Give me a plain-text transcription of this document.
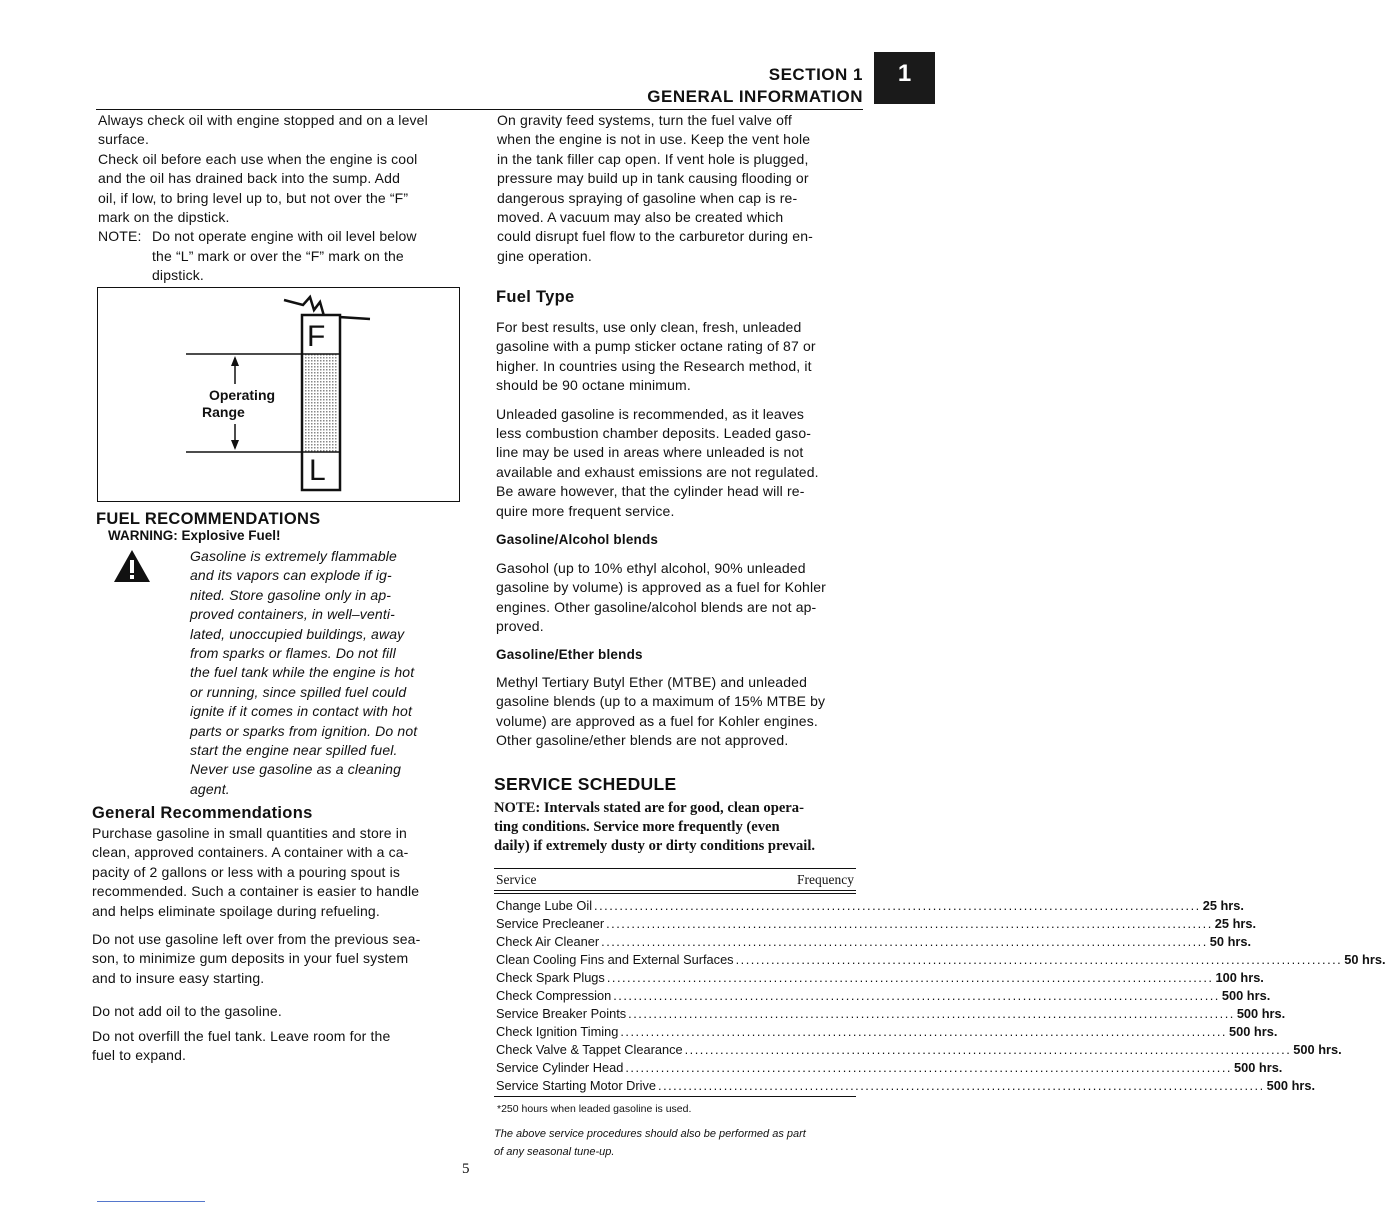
1
SECTION 1
GENERAL INFORMATION
Always check oil with engine stopped and on a level
surface.
Check oil before each use when the engine is cool
and the oil has drained back into the sump. Add
oil, if low, to bring level up to, but not over the “F”
mark on the dipstick.
NOTE: Do not operate engine with oil level below
the “L” mark or over the “F” mark on the
dipstick.
F
L
Operating
Range
FUEL RECOMMENDATIONS
WARNING: Explosive Fuel!
Gasoline is extremely flammable
and its vapors can explode if ig-
nited. Store gasoline only in ap-
proved containers, in well–venti-
lated, unoccupied buildings, away
from sparks or flames. Do not fill
the fuel tank while the engine is hot
or running, since spilled fuel could
ignite if it comes in contact with hot
parts or sparks from ignition. Do not
start the engine near spilled fuel.
Never use gasoline as a cleaning
agent.
General Recommendations
Purchase gasoline in small quantities and store in
clean, approved containers. A container with a ca-
pacity of 2 gallons or less with a pouring spout is
recommended. Such a container is easier to handle
and helps eliminate spoilage during refueling.
Do not use gasoline left over from the previous sea-
son, to minimize gum deposits in your fuel system
and to insure easy starting.
Do not add oil to the gasoline.
Do not overfill the fuel tank. Leave room for the
fuel to expand.
On gravity feed systems, turn the fuel valve off
when the engine is not in use. Keep the vent hole
in the tank filler cap open. If vent hole is plugged,
pressure may build up in tank causing flooding or
dangerous spraying of gasoline when cap is re-
moved. A vacuum may also be created which
could disrupt fuel flow to the carburetor during en-
gine operation.
Fuel Type
For best results, use only clean, fresh, unleaded
gasoline with a pump sticker octane rating of 87 or
higher. In countries using the Research method, it
should be 90 octane minimum.
Unleaded gasoline is recommended, as it leaves
less combustion chamber deposits. Leaded gaso-
line may be used in areas where unleaded is not
available and exhaust emissions are not regulated.
Be aware however, that the cylinder head will re-
quire more frequent service.
Gasoline/Alcohol blends
Gasohol (up to 10% ethyl alcohol, 90% unleaded
gasoline by volume) is approved as a fuel for Kohler
engines. Other gasoline/alcohol blends are not ap-
proved.
Gasoline/Ether blends
Methyl Tertiary Butyl Ether (MTBE) and unleaded
gasoline blends (up to a maximum of 15% MTBE by
volume) are approved as a fuel for Kohler engines.
Other gasoline/ether blends are not approved.
SERVICE SCHEDULE
NOTE: Intervals stated are for good, clean opera-
ting conditions. Service more frequently (even
daily) if extremely dusty or dirty conditions prevail.
Service	Frequency
Change Lube Oil ........................................................................................................................ 25 hrs.
Service Precleaner ........................................................................................................................ 25 hrs.
Check Air Cleaner ........................................................................................................................ 50 hrs.
Clean Cooling Fins and External Surfaces ........................................................................................................................ 50 hrs.
Check Spark Plugs ........................................................................................................................ 100 hrs.
Check Compression ........................................................................................................................ 500 hrs.
Service Breaker Points ........................................................................................................................ 500 hrs.
Check Ignition Timing ........................................................................................................................ 500 hrs.
Check Valve & Tappet Clearance ........................................................................................................................ 500 hrs.
Service Cylinder Head ........................................................................................................................ 500 hrs.
Service Starting Motor Drive ........................................................................................................................ 500 hrs.
*250 hours when leaded gasoline is used.
The above service procedures should also be performed as part
of any seasonal tune-up.
5
